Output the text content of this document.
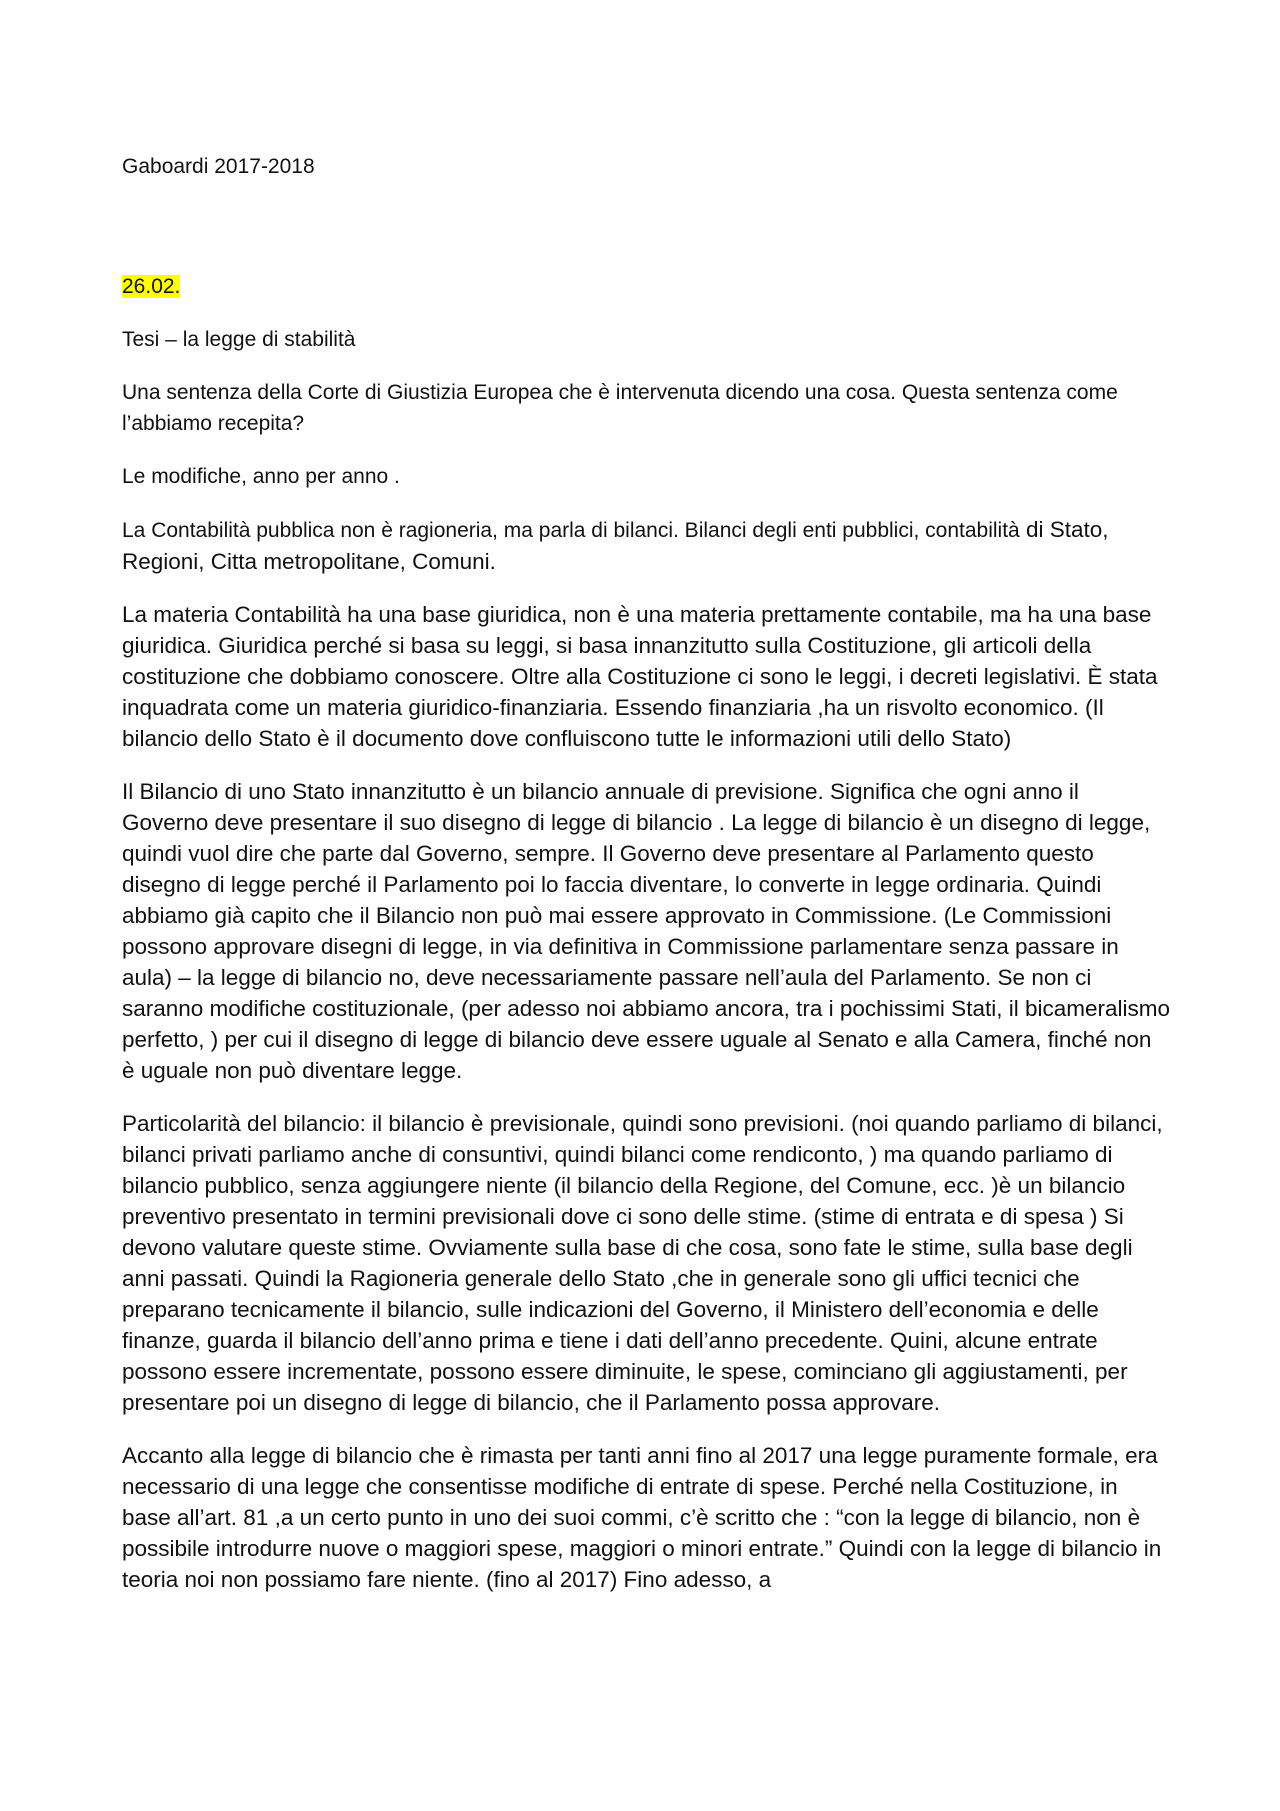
Gaboardi 2017-2018

26.02.

Tesi – la legge di stabilità

Una sentenza della Corte di Giustizia Europea che è intervenuta dicendo una cosa. Questa sentenza come l’abbiamo recepita?

Le modifiche, anno per anno .

La Contabilità pubblica non è ragioneria, ma parla di bilanci. Bilanci degli enti pubblici, contabilità di Stato, Regioni, Citta metropolitane, Comuni.

La materia Contabilità ha una base giuridica, non è una materia prettamente contabile, ma ha una base giuridica. Giuridica perché si basa su leggi, si basa innanzitutto sulla Costituzione, gli articoli della costituzione che dobbiamo conoscere. Oltre alla Costituzione ci sono le leggi, i decreti legislativi. È stata inquadrata come un materia giuridico-finanziaria. Essendo finanziaria ,ha un risvolto economico. (Il bilancio dello Stato è il documento dove confluiscono tutte le informazioni utili dello Stato)

Il Bilancio di uno Stato innanzitutto è un bilancio annuale di previsione. Significa che ogni anno il Governo deve presentare il suo disegno di legge di bilancio . La legge di bilancio è un disegno di legge, quindi vuol dire che parte dal Governo, sempre. Il Governo deve presentare al Parlamento questo disegno di legge perché il Parlamento poi lo faccia diventare, lo converte in legge ordinaria. Quindi abbiamo già capito che il Bilancio non può mai essere approvato in Commissione. (Le Commissioni possono approvare disegni di legge, in via definitiva in Commissione parlamentare senza passare in aula) – la legge di bilancio no, deve necessariamente passare nell’aula del Parlamento. Se non ci saranno modifiche costituzionale, (per adesso noi abbiamo ancora, tra i pochissimi Stati, il bicameralismo perfetto, ) per cui il disegno di legge di bilancio deve essere uguale al Senato e alla Camera, finché non è uguale non può diventare legge.

Particolarità del bilancio: il bilancio è previsionale, quindi sono previsioni. (noi quando parliamo di bilanci, bilanci privati parliamo anche di consuntivi, quindi bilanci come rendiconto, ) ma quando parliamo di bilancio pubblico, senza aggiungere niente (il bilancio della Regione, del Comune, ecc. )è un bilancio preventivo presentato in termini previsionali dove ci sono delle stime. (stime di entrata e di spesa ) Si devono valutare queste stime. Ovviamente sulla base di che cosa, sono fate le stime, sulla base degli anni passati. Quindi la Ragioneria generale dello Stato ,che in generale sono gli uffici tecnici che preparano tecnicamente il bilancio, sulle indicazioni del Governo, il Ministero dell’economia e delle finanze, guarda il bilancio dell’anno prima e tiene i dati dell’anno precedente. Quini, alcune entrate possono essere incrementate, possono essere diminuite, le spese, cominciano gli aggiustamenti, per presentare poi un disegno di legge di bilancio, che il Parlamento possa approvare.

Accanto alla legge di bilancio che è rimasta per tanti anni fino al 2017 una legge puramente formale, era necessario di una legge che consentisse modifiche di entrate di spese. Perché nella Costituzione, in base all’art. 81 ,a un certo punto in uno dei suoi commi, c’è scritto che : “con la legge di bilancio, non è possibile introdurre nuove o maggiori spese, maggiori o minori entrate.” Quindi con la legge di bilancio in teoria noi non possiamo fare niente. (fino al 2017) Fino adesso, a
